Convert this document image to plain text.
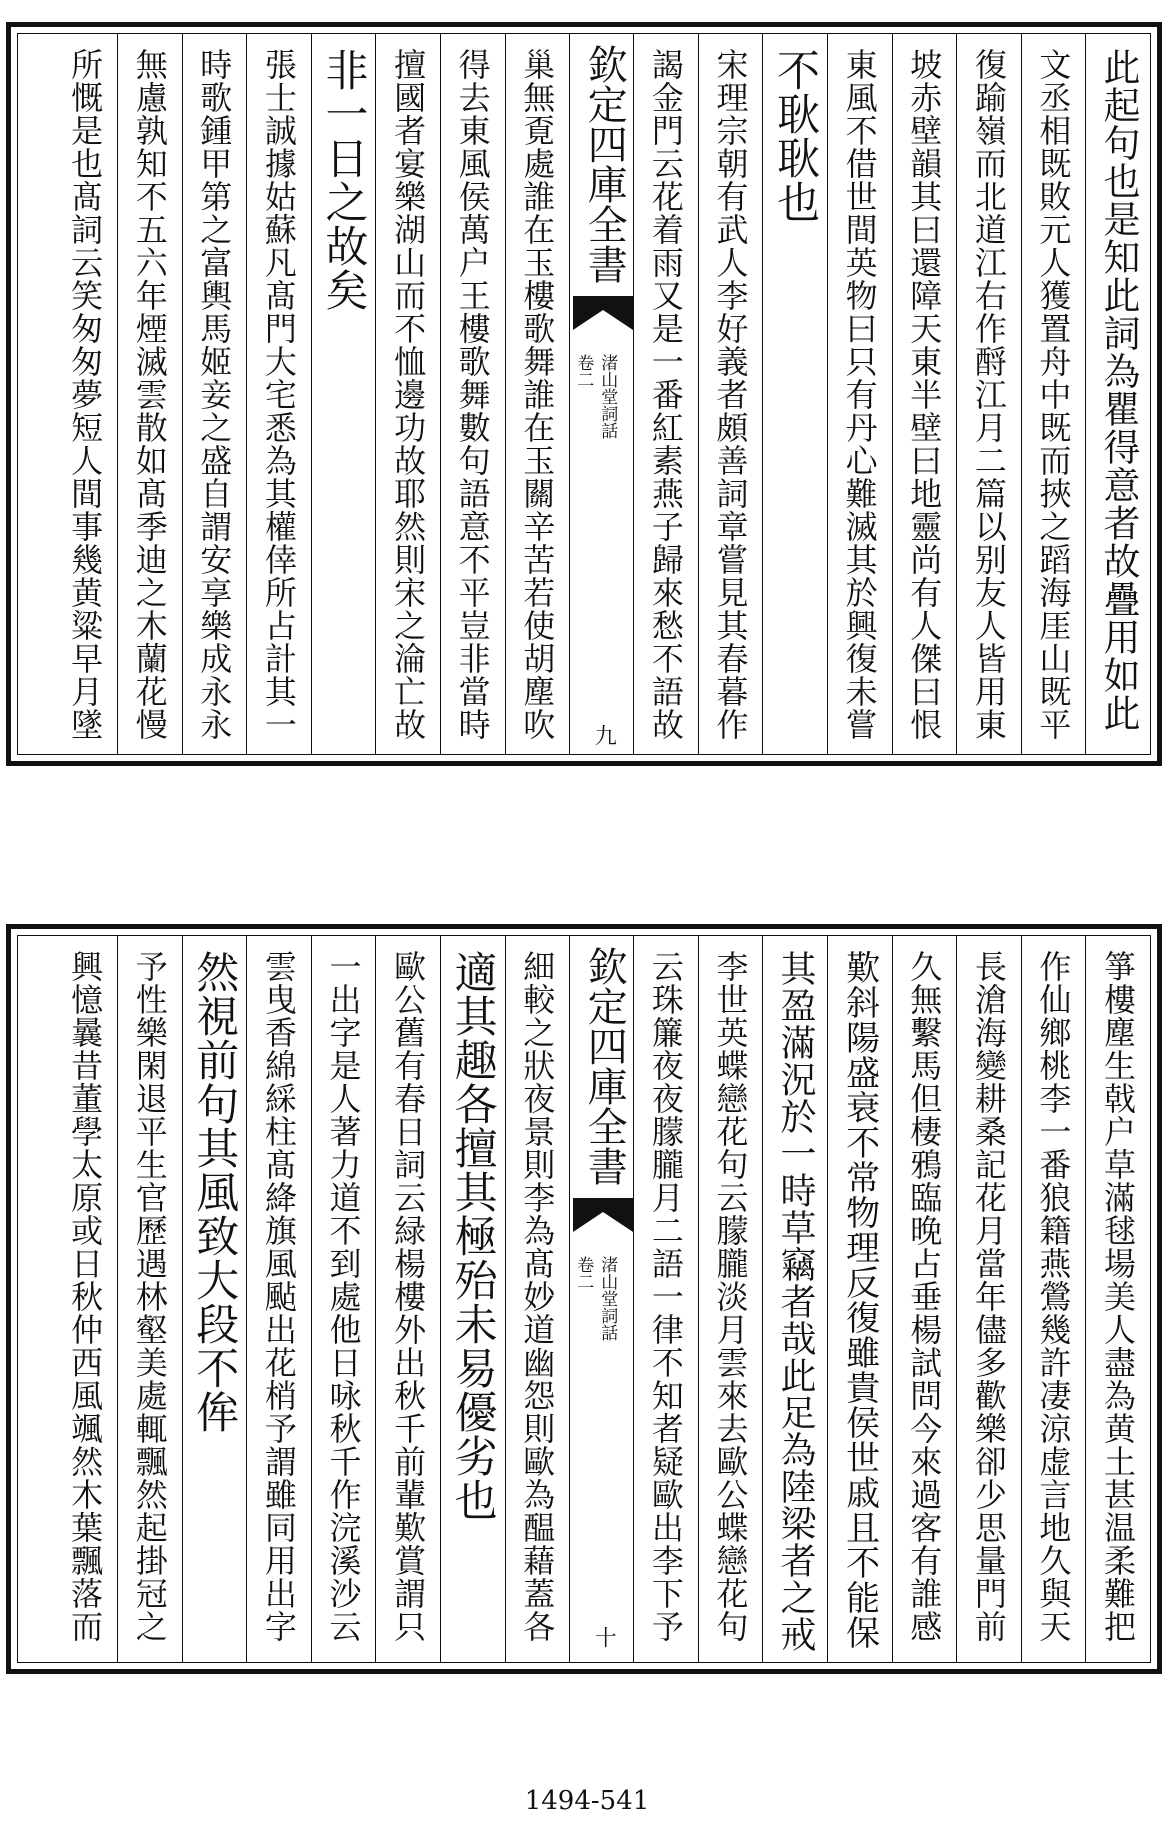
此起句也是知此詞為瞿得意者故疊用如此
文丞相既敗元人獲置舟中既而挾之蹈海厓山既平
復踰嶺而北道江右作酹江月二篇以别友人皆用東
坡赤壁韻其曰還障天東半壁曰地靈尚有人傑曰恨
東風不借世間英物曰只有丹心難滅其於興復未嘗
不耿耿也
宋理宗朝有武人李好義者頗善詞章嘗見其春暮作
謁金門云花着雨又是一番紅素燕子歸來愁不語故
欽定四庫全書
卷二 渚山堂詞話
九
巢無覔處誰在玉樓歌舞誰在玉關辛苦若使胡塵吹
得去東風侯萬户王樓歌舞數句語意不平豈非當時
擅國者宴樂湖山而不恤邊功故耶然則宋之淪亡故
非一日之故矣
張士誠據姑蘇凡髙門大宅悉為其權倖所占計其一
時歌鍾甲第之富輿馬姬妾之盛自謂安享樂成永永
無慮孰知不五六年煙滅雲散如髙季迪之木蘭花慢
所慨是也髙詞云笑匆匆夢短人間事幾黄粱早月墜
箏樓塵生戟户草滿毬場美人盡為黄土甚温柔難把
作仙鄉桃李一番狼籍燕鶯幾許凄涼虚言地久與天
長滄海變耕桑記花月當年儘多歡樂卻少思量門前
久無繫馬但棲鴉臨晚占垂楊試問今來過客有誰感
歎斜陽盛衰不常物理反復雖貴侯世戚且不能保
其盈滿況於一時草竊者哉此足為陸梁者之戒
李世英蝶戀花句云朦朧淡月雲來去歐公蝶戀花句
云珠簾夜夜朦朧月二語一律不知者疑歐出李下予
欽定四庫全書
卷二 渚山堂詞話
十
細較之狀夜景則李為髙妙道幽怨則歐為醖藉蓋各
適其趣各擅其極殆未易優劣也
歐公舊有春日詞云緑楊樓外出秋千前輩歎賞謂只
一出字是人著力道不到處他日咏秋千作浣溪沙云
雲曳香綿綵柱髙絳旗風颭出花梢予謂雖同用出字
然視前句其風致大段不侔
予性樂閑退平生官歷遇林壑美處輒飄然起掛冠之
興憶曩昔董學太原或日秋仲西風颯然木葉飄落而
1494-541
